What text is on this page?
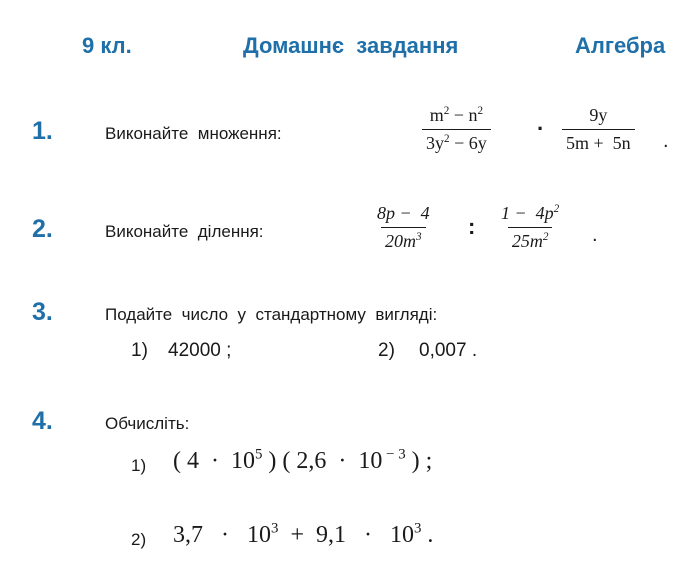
9 кл.	Домашнє  завдання	Алгебра
1.	Виконайте  множення:	$\frac{m^2 - n^2}{3y^2 - 6y} \cdot \frac{9y}{5m + 5n}$ .
2.	Виконайте  ділення:	$\frac{8p - 4}{20m^3}$ : $\frac{1 - 4p^2}{25m^2}$ .
3.	Подайте  число  у  стандартному  вигляді:
1) 42000 ;	2) 0,007 .
4.	Обчисліть:
1) ( $4 \cdot 10^5$ ) ( 2,6  ·  10 $^{- 3}$ ) ;
2) $3,7 \cdot 10^3 + 9,1 \cdot 10^3$ .
